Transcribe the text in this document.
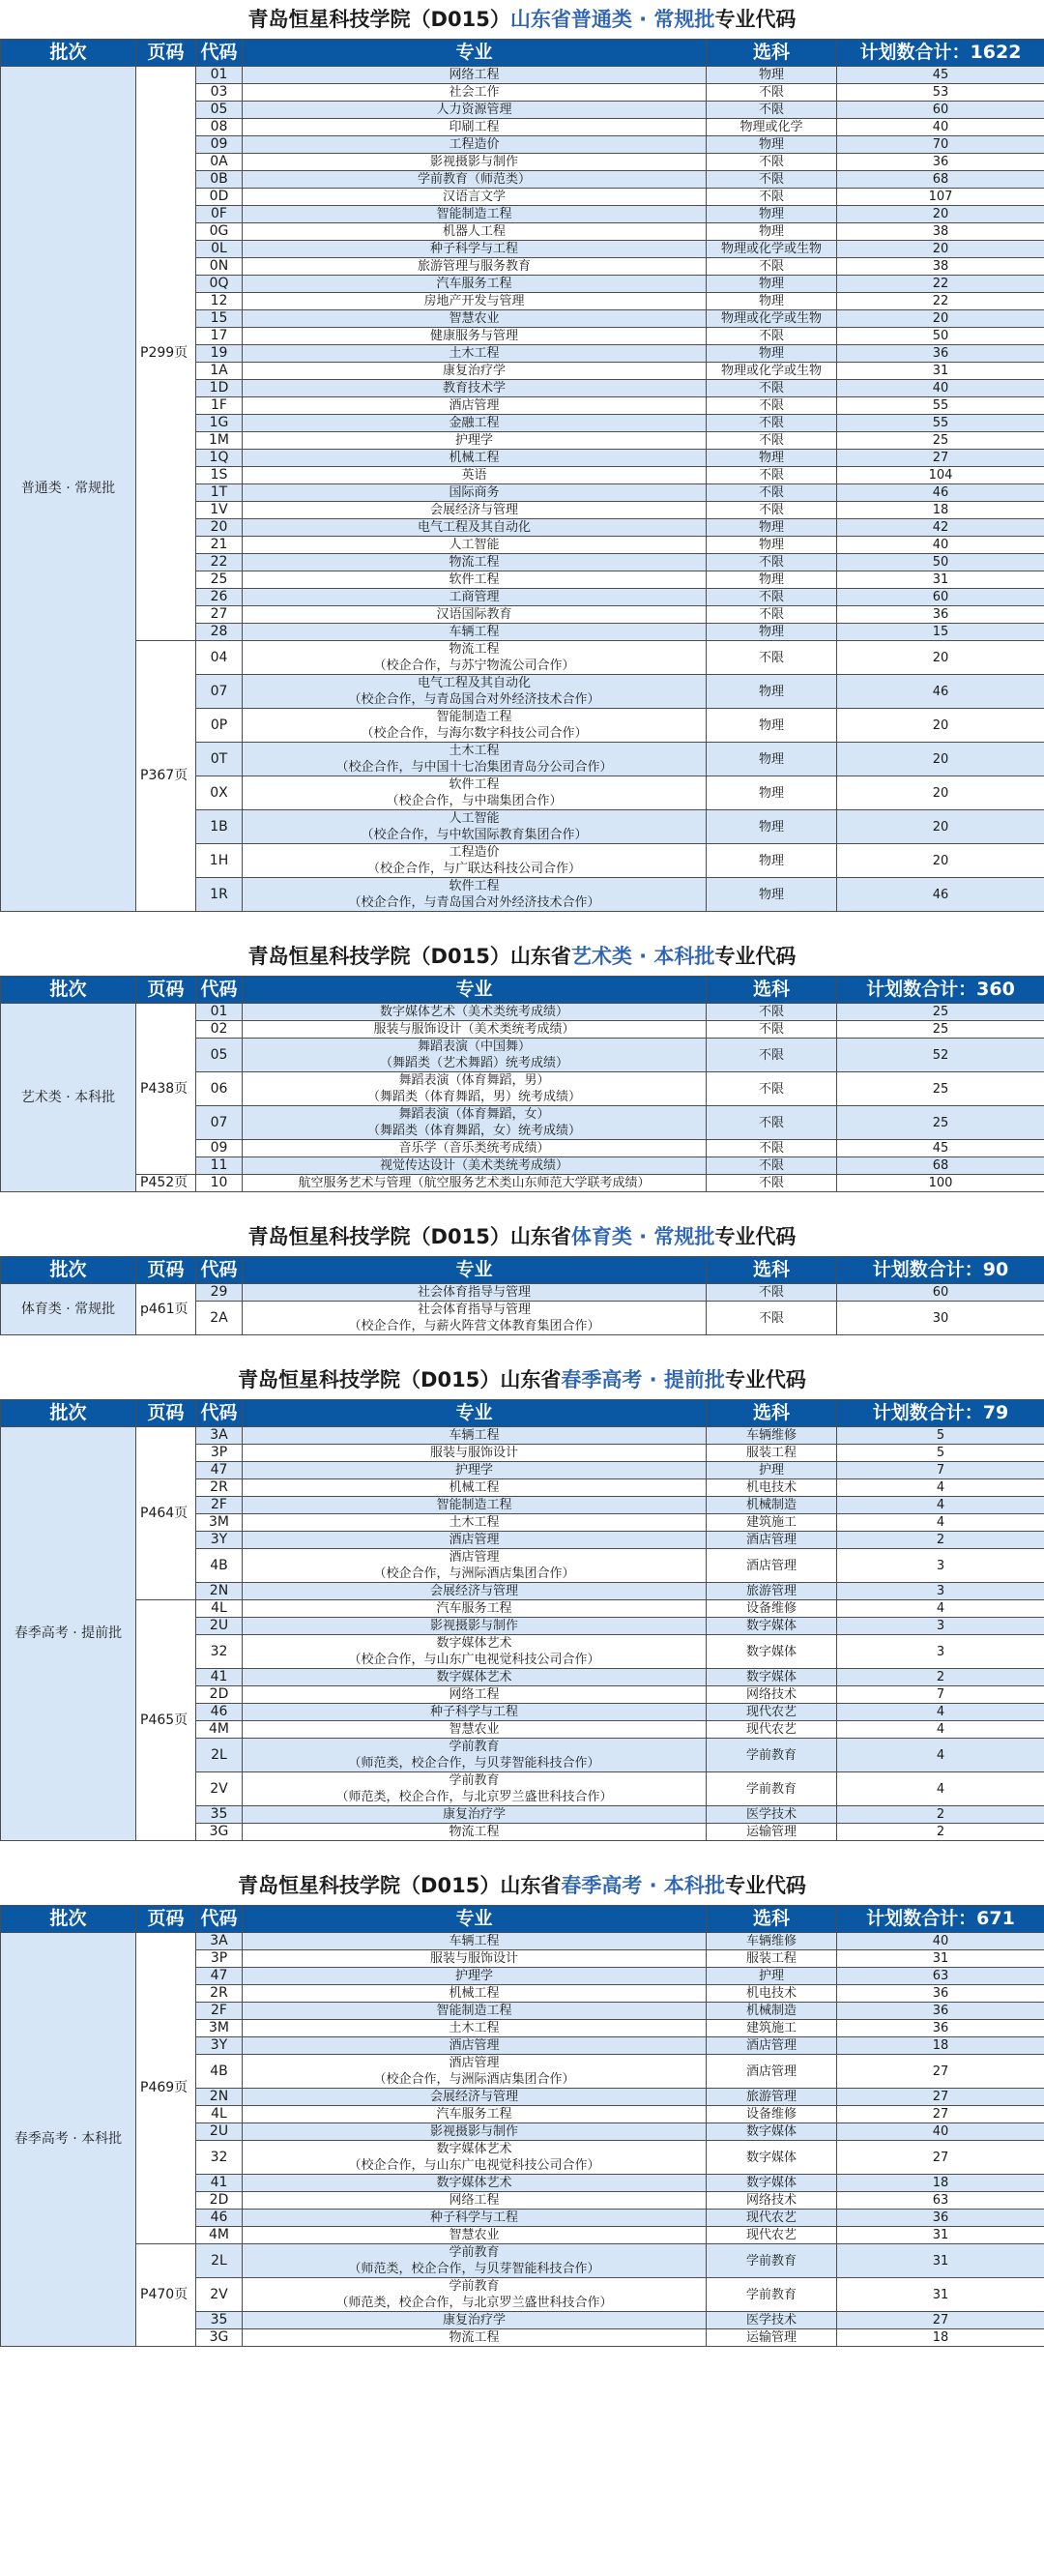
青岛恒星科技学院（D015）山东省普通类 · 常规批专业代码
批次	页码	代码	专业	选科	计划数合计：1622
普通类 · 常规批	P299页	01	网络工程	物理	45
		03	社会工作	不限	53
		05	人力资源管理	不限	60
		08	印刷工程	物理或化学	40
		09	工程造价	物理	70
		0A	影视摄影与制作	不限	36
		0B	学前教育（师范类）	不限	68
		0D	汉语言文学	不限	107
		0F	智能制造工程	物理	20
		0G	机器人工程	物理	38
		0L	种子科学与工程	物理或化学或生物	20
		0N	旅游管理与服务教育	不限	38
		0Q	汽车服务工程	物理	22
		12	房地产开发与管理	物理	22
		15	智慧农业	物理或化学或生物	20
		17	健康服务与管理	不限	50
		19	土木工程	物理	36
		1A	康复治疗学	物理或化学或生物	31
		1D	教育技术学	不限	40
		1F	酒店管理	不限	55
		1G	金融工程	不限	55
		1M	护理学	不限	25
		1Q	机械工程	物理	27
		1S	英语	不限	104
		1T	国际商务	不限	46
		1V	会展经济与管理	不限	18
		20	电气工程及其自动化	物理	42
		21	人工智能	物理	40
		22	物流工程	不限	50
		25	软件工程	物理	31
		26	工商管理	不限	60
		27	汉语国际教育	不限	36
		28	车辆工程	物理	15
	P367页	04	物流工程
（校企合作，与苏宁物流公司合作）	不限	20
		07	电气工程及其自动化
（校企合作，与青岛国合对外经济技术合作）	物理	46
		0P	智能制造工程
（校企合作，与海尔数字科技公司合作）	物理	20
		0T	土木工程
（校企合作，与中国十七冶集团青岛分公司合作）	物理	20
		0X	软件工程
（校企合作，与中瑞集团合作）	物理	20
		1B	人工智能
（校企合作，与中软国际教育集团合作）	物理	20
		1H	工程造价
（校企合作，与广联达科技公司合作）	物理	20
		1R	软件工程
（校企合作，与青岛国合对外经济技术合作）	物理	46
青岛恒星科技学院（D015）山东省艺术类 · 本科批专业代码
批次	页码	代码	专业	选科	计划数合计：360
艺术类 · 本科批	P438页	01	数字媒体艺术（美术类统考成绩）	不限	25
		02	服装与服饰设计（美术类统考成绩）	不限	25
		05	舞蹈表演（中国舞）
（舞蹈类（艺术舞蹈）统考成绩）	不限	52
		06	舞蹈表演（体育舞蹈，男）
（舞蹈类（体育舞蹈，男）统考成绩）	不限	25
		07	舞蹈表演（体育舞蹈，女）
（舞蹈类（体育舞蹈，女）统考成绩）	不限	25
		09	音乐学（音乐类统考成绩）	不限	45
		11	视觉传达设计（美术类统考成绩）	不限	68
	P452页	10	航空服务艺术与管理（航空服务艺术类山东师范大学联考成绩）	不限	100
青岛恒星科技学院（D015）山东省体育类 · 常规批专业代码
批次	页码	代码	专业	选科	计划数合计：90
体育类 · 常规批	p461页	29	社会体育指导与管理	不限	60
		2A	社会体育指导与管理
（校企合作，与薪火阵营文体教育集团合作）	不限	30
青岛恒星科技学院（D015）山东省春季高考 · 提前批专业代码
批次	页码	代码	专业	选科	计划数合计：79
春季高考 · 提前批	P464页	3A	车辆工程	车辆维修	5
		3P	服装与服饰设计	服装工程	5
		47	护理学	护理	7
		2R	机械工程	机电技术	4
		2F	智能制造工程	机械制造	4
		3M	土木工程	建筑施工	4
		3Y	酒店管理	酒店管理	2
		4B	酒店管理
（校企合作，与洲际酒店集团合作）	酒店管理	3
		2N	会展经济与管理	旅游管理	3
	P465页	4L	汽车服务工程	设备维修	4
		2U	影视摄影与制作	数字媒体	3
		32	数字媒体艺术
（校企合作，与山东广电视觉科技公司合作）	数字媒体	3
		41	数字媒体艺术	数字媒体	2
		2D	网络工程	网络技术	7
		46	种子科学与工程	现代农艺	4
		4M	智慧农业	现代农艺	4
		2L	学前教育
（师范类，校企合作，与贝芽智能科技合作）	学前教育	4
		2V	学前教育
（师范类，校企合作，与北京罗兰盛世科技合作）	学前教育	4
		35	康复治疗学	医学技术	2
		3G	物流工程	运输管理	2
青岛恒星科技学院（D015）山东省春季高考 · 本科批专业代码
批次	页码	代码	专业	选科	计划数合计：671
春季高考 · 本科批	P469页	3A	车辆工程	车辆维修	40
		3P	服装与服饰设计	服装工程	31
		47	护理学	护理	63
		2R	机械工程	机电技术	36
		2F	智能制造工程	机械制造	36
		3M	土木工程	建筑施工	36
		3Y	酒店管理	酒店管理	18
		4B	酒店管理
（校企合作，与洲际酒店集团合作）	酒店管理	27
		2N	会展经济与管理	旅游管理	27
		4L	汽车服务工程	设备维修	27
		2U	影视摄影与制作	数字媒体	40
		32	数字媒体艺术
（校企合作，与山东广电视觉科技公司合作）	数字媒体	27
		41	数字媒体艺术	数字媒体	18
		2D	网络工程	网络技术	63
		46	种子科学与工程	现代农艺	36
		4M	智慧农业	现代农艺	31
	P470页	2L	学前教育
（师范类，校企合作，与贝芽智能科技合作）	学前教育	31
		2V	学前教育
（师范类，校企合作，与北京罗兰盛世科技合作）	学前教育	31
		35	康复治疗学	医学技术	27
		3G	物流工程	运输管理	18
